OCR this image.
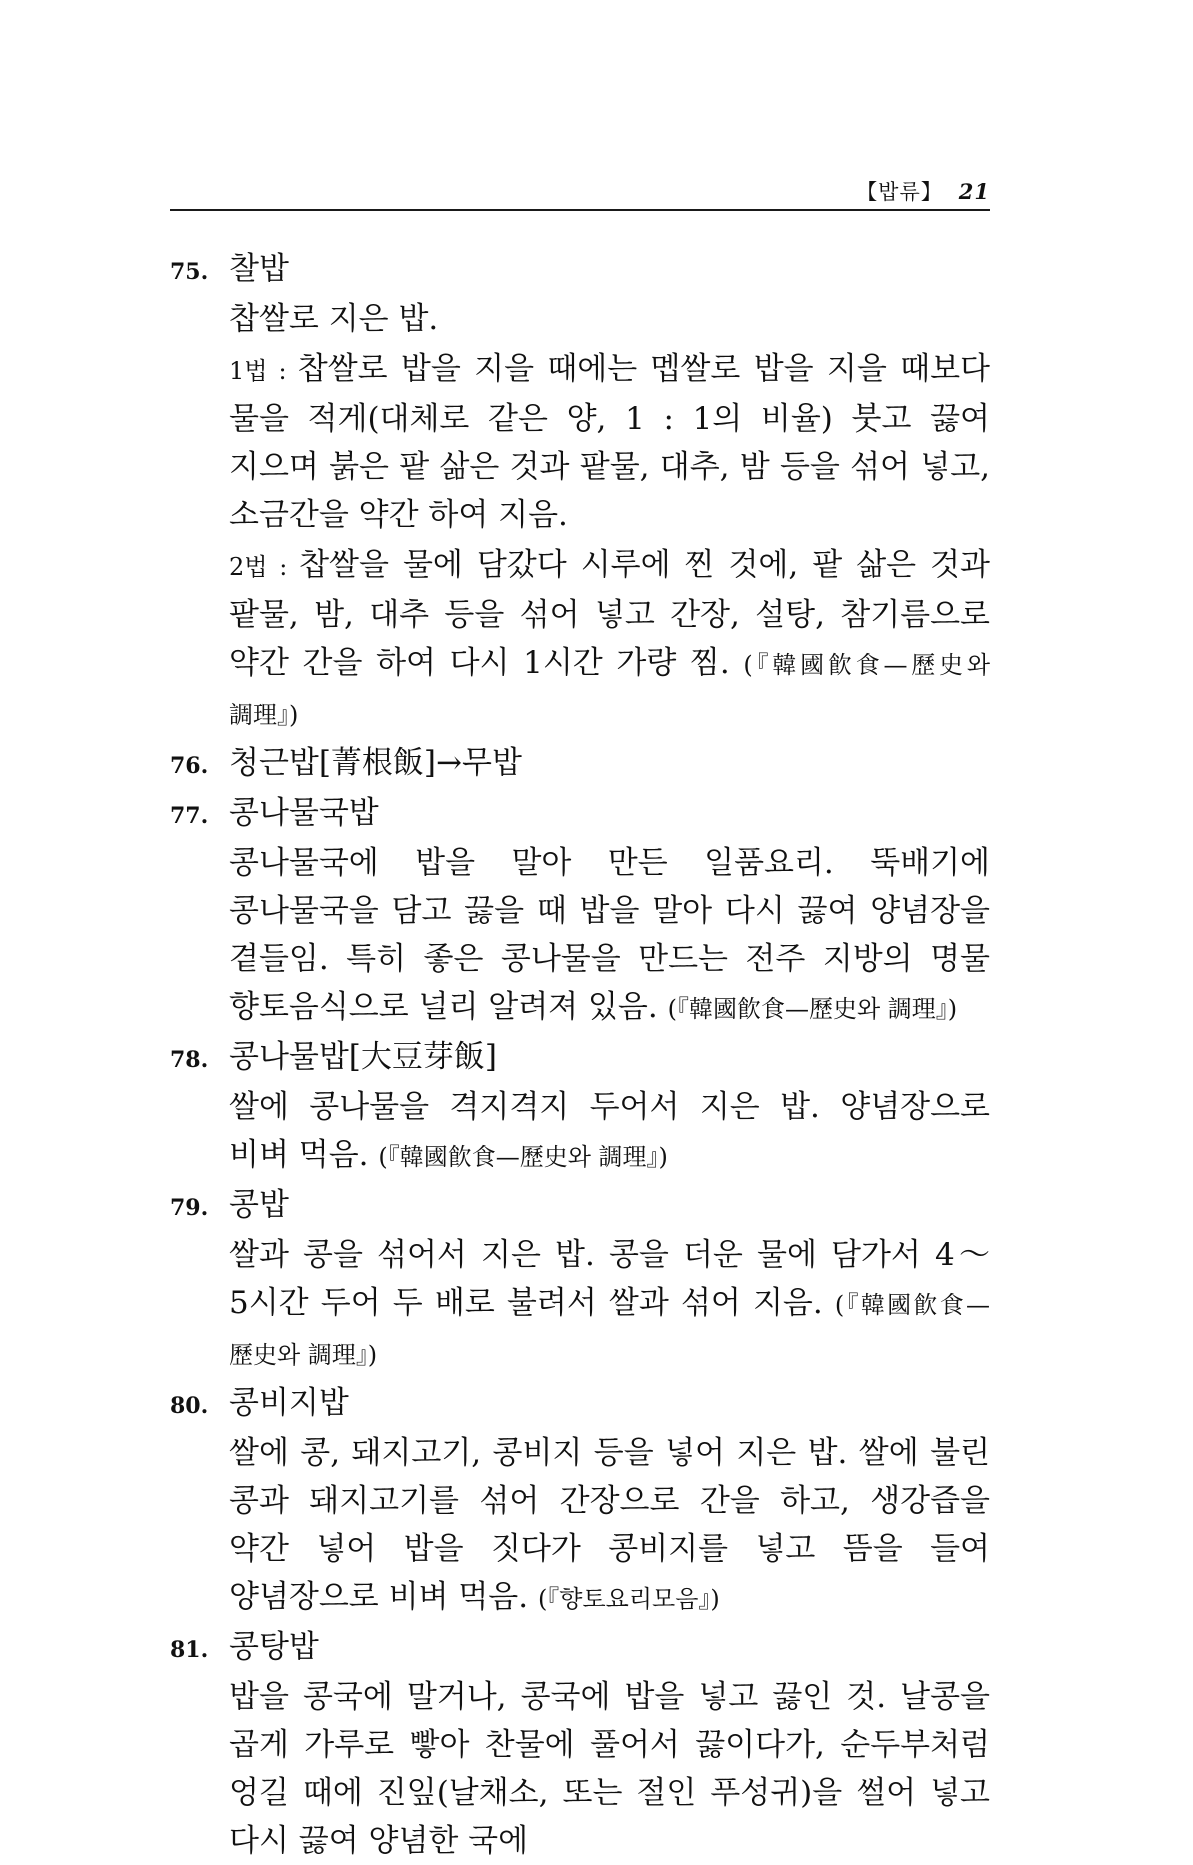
【밥류】 21
75. 찰밥
찹쌀로 지은 밥.
1법 : 찹쌀로 밥을 지을 때에는 멥쌀로 밥을 지을 때보다 물을 적게(대체로 같은 양, 1 : 1의 비율) 붓고 끓여 지으며 붉은 팥 삶은 것과 팥물, 대추, 밤 등을 섞어 넣고, 소금간을 약간 하여 지음.
2법 : 찹쌀을 물에 담갔다 시루에 찐 것에, 팥 삶은 것과 팥물, 밤, 대추 등을 섞어 넣고 간장, 설탕, 참기름으로 약간 간을 하여 다시 1시간 가량 찜. (『韓國飮食—歷史와 調理』)
76. 청근밥[菁根飯]→무밥
77. 콩나물국밥
콩나물국에 밥을 말아 만든 일품요리. 뚝배기에 콩나물국을 담고 끓을 때 밥을 말아 다시 끓여 양념장을 곁들임. 특히 좋은 콩나물을 만드는 전주 지방의 명물 향토음식으로 널리 알려져 있음. (『韓國飮食—歷史와 調理』)
78. 콩나물밥[大豆芽飯]
쌀에 콩나물을 격지격지 두어서 지은 밥. 양념장으로 비벼 먹음. (『韓國飮食—歷史와 調理』)
79. 콩밥
쌀과 콩을 섞어서 지은 밥. 콩을 더운 물에 담가서 4～5시간 두어 두 배로 불려서 쌀과 섞어 지음. (『韓國飮食—歷史와 調理』)
80. 콩비지밥
쌀에 콩, 돼지고기, 콩비지 등을 넣어 지은 밥. 쌀에 불린 콩과 돼지고기를 섞어 간장으로 간을 하고, 생강즙을 약간 넣어 밥을 짓다가 콩비지를 넣고 뜸을 들여 양념장으로 비벼 먹음. (『향토요리모음』)
81. 콩탕밥
밥을 콩국에 말거나, 콩국에 밥을 넣고 끓인 것. 날콩을 곱게 가루로 빻아 찬물에 풀어서 끓이다가, 순두부처럼 엉길 때에 진잎(날채소, 또는 절인 푸성귀)을 썰어 넣고 다시 끓여 양념한 국에
